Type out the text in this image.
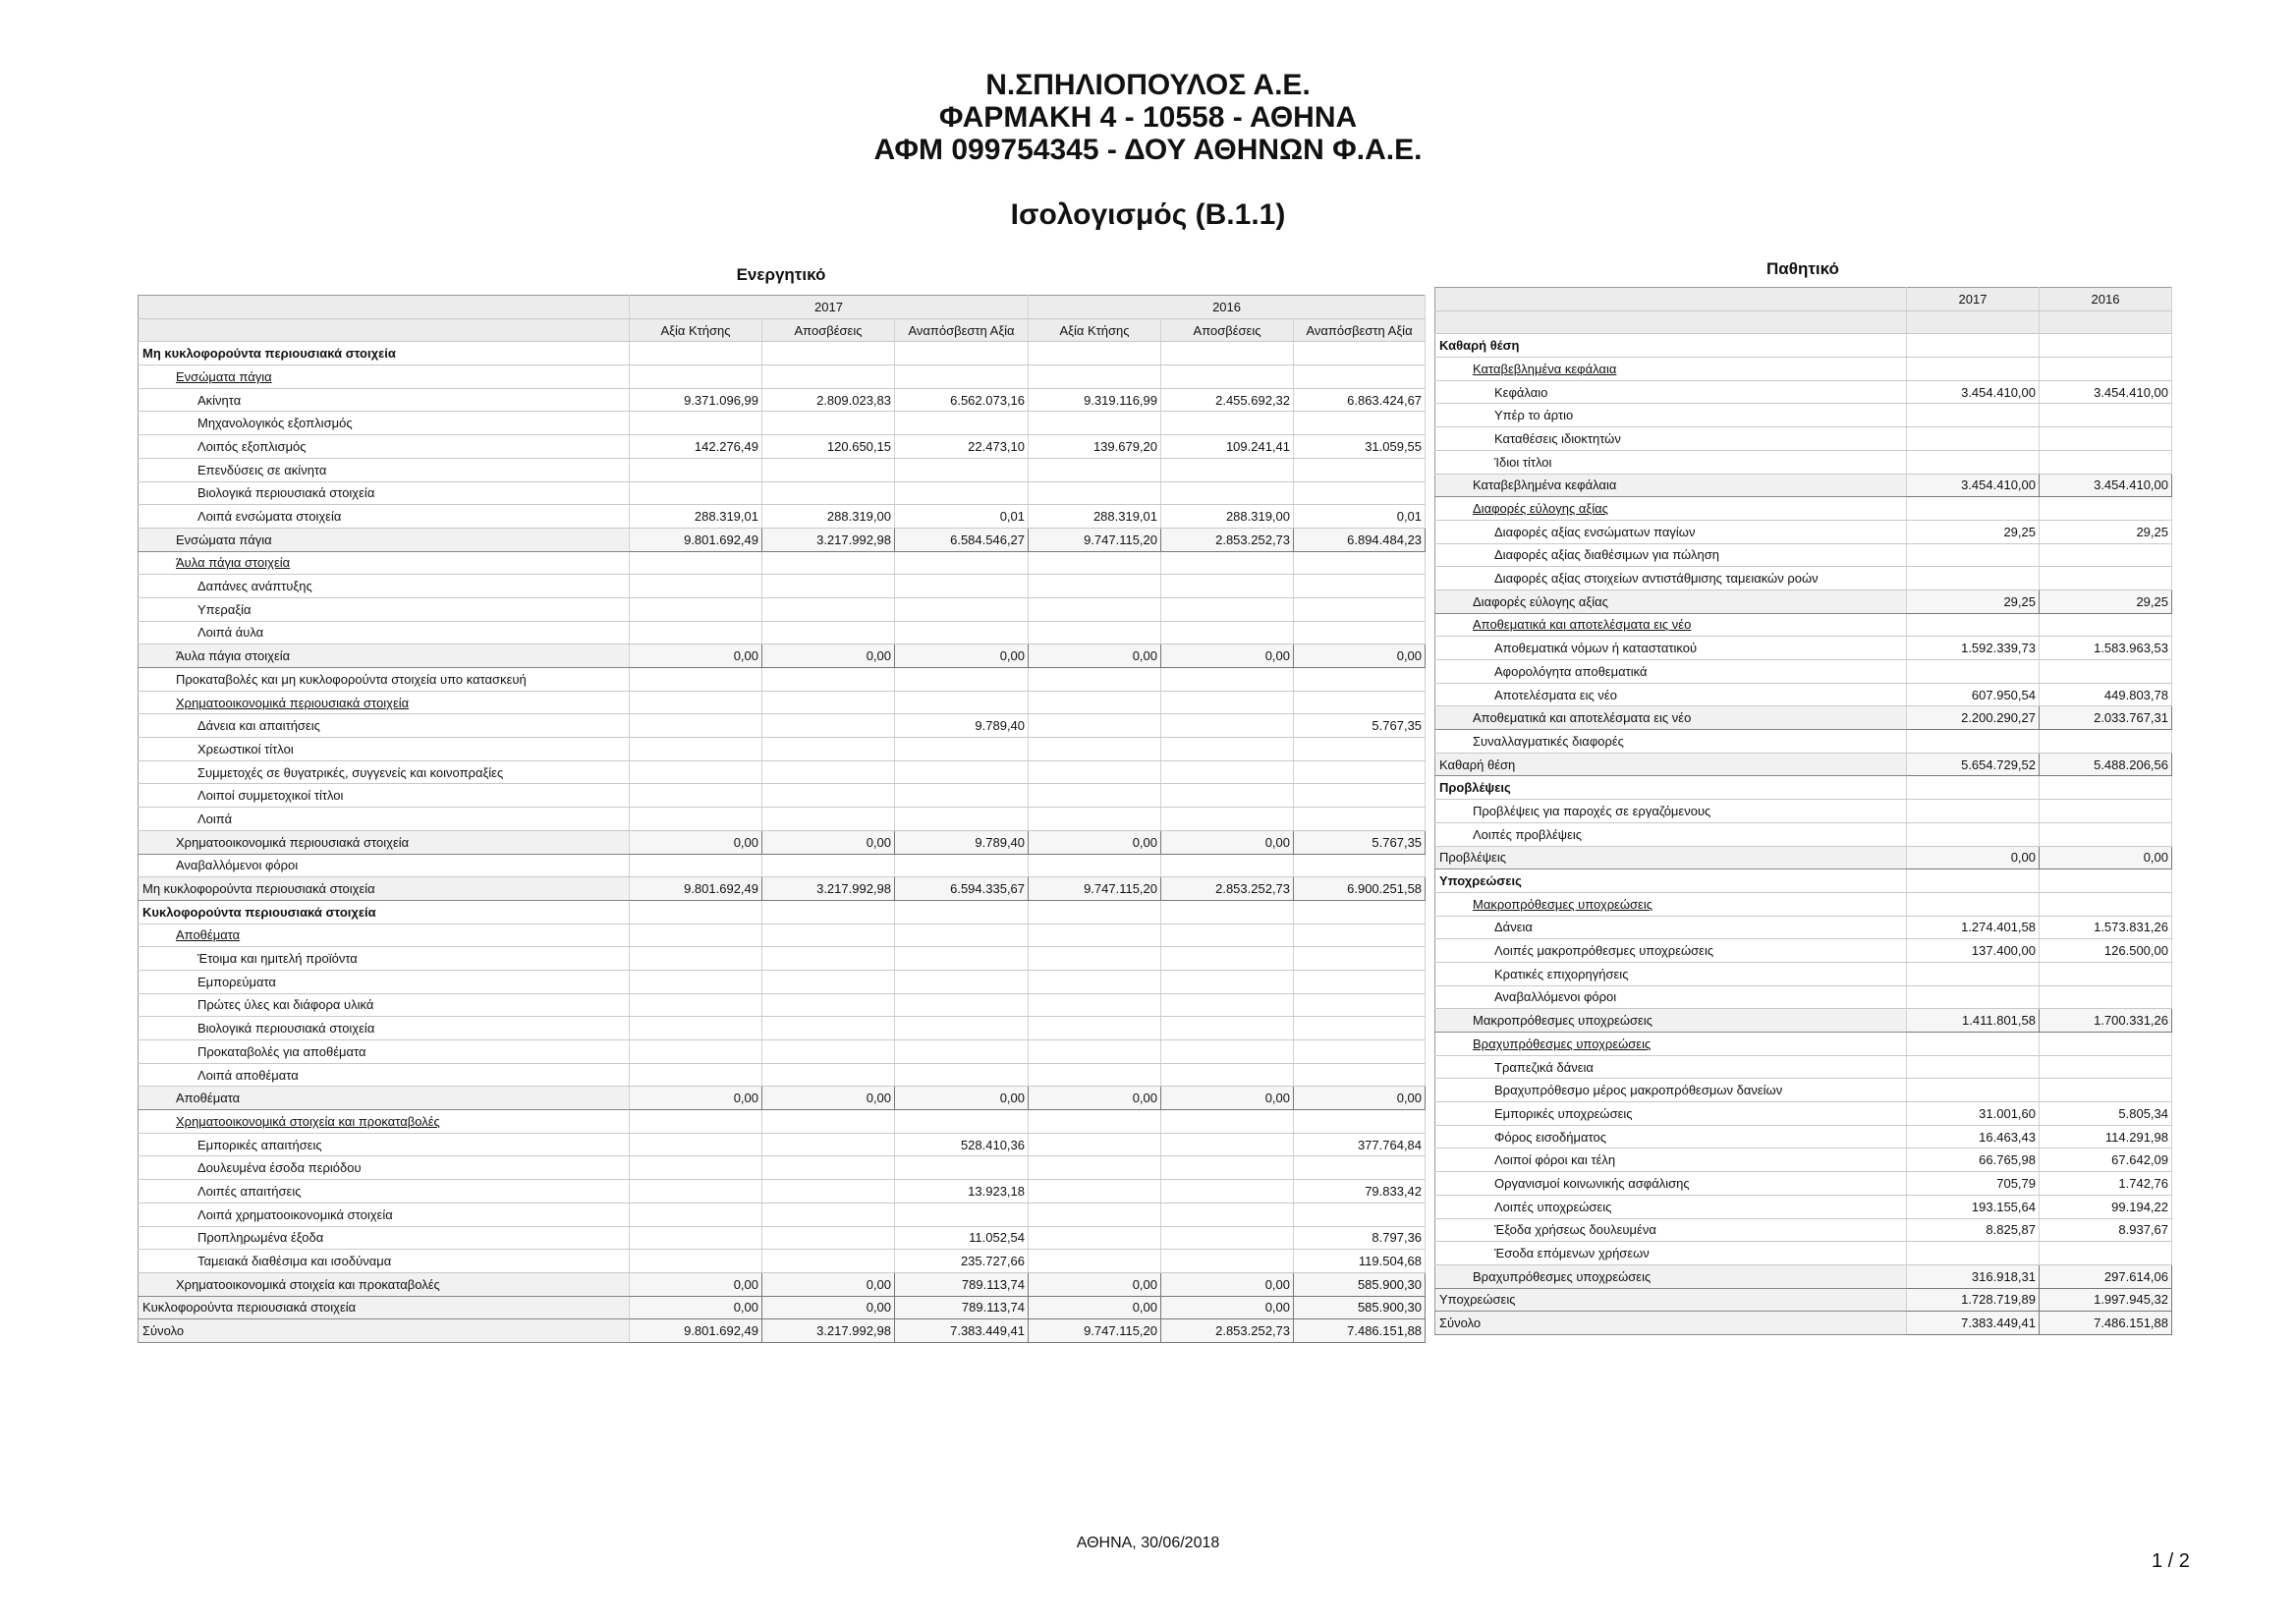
Ν.ΣΠΗΛΙΟΠΟΥΛΟΣ Α.Ε.
ΦΑΡΜΑΚΗ 4 - 10558 - ΑΘΗΝΑ
ΑΦΜ 099754345 - ΔΟΥ ΑΘΗΝΩΝ Φ.Α.Ε.
Ισολογισμός (Β.1.1)
Ενεργητικό	Παθητικό
	2017			2016		
	Αξία Κτήσης	Αποσβέσεις	Αναπόσβεστη Αξία	Αξία Κτήσης	Αποσβέσεις	Αναπόσβεστη Αξία
Μη κυκλοφορούντα περιουσιακά στοιχεία						
Ενσώματα πάγια						
Ακίνητα	9.371.096,99	2.809.023,83	6.562.073,16	9.319.116,99	2.455.692,32	6.863.424,67
Μηχανολογικός εξοπλισμός						
Λοιπός εξοπλισμός	142.276,49	120.650,15	22.473,10	139.679,20	109.241,41	31.059,55
Επενδύσεις σε ακίνητα						
Βιολογικά περιουσιακά στοιχεία						
Λοιπά ενσώματα στοιχεία	288.319,01	288.319,00	0,01	288.319,01	288.319,00	0,01
Ενσώματα πάγια	9.801.692,49	3.217.992,98	6.584.546,27	9.747.115,20	2.853.252,73	6.894.484,23
Άυλα πάγια στοιχεία						
Δαπάνες ανάπτυξης						
Υπεραξία						
Λοιπά άυλα						
Άυλα πάγια στοιχεία	0,00	0,00	0,00	0,00	0,00	0,00
Προκαταβολές και μη κυκλοφορούντα στοιχεία υπο κατασκευή						
Χρηματοοικονομικά περιουσιακά στοιχεία						
Δάνεια και απαιτήσεις			9.789,40			5.767,35
Χρεωστικοί τίτλοι						
Συμμετοχές σε θυγατρικές, συγγενείς και κοινοπραξίες						
Λοιποί συμμετοχικοί τίτλοι						
Λοιπά						
Χρηματοοικονομικά περιουσιακά στοιχεία	0,00	0,00	9.789,40	0,00	0,00	5.767,35
Αναβαλλόμενοι φόροι						
Μη κυκλοφορούντα περιουσιακά στοιχεία	9.801.692,49	3.217.992,98	6.594.335,67	9.747.115,20	2.853.252,73	6.900.251,58
Κυκλοφορούντα περιουσιακά στοιχεία						
Αποθέματα						
Έτοιμα και ημιτελή προϊόντα						
Εμπορεύματα						
Πρώτες ύλες και διάφορα υλικά						
Βιολογικά περιουσιακά στοιχεία						
Προκαταβολές για αποθέματα						
Λοιπά αποθέματα						
Αποθέματα	0,00	0,00	0,00	0,00	0,00	0,00
Χρηματοοικονομικά στοιχεία και προκαταβολές						
Εμπορικές απαιτήσεις			528.410,36			377.764,84
Δουλευμένα έσοδα περιόδου						
Λοιπές απαιτήσεις			13.923,18			79.833,42
Λοιπά χρηματοοικονομικά στοιχεία						
Προπληρωμένα έξοδα			11.052,54			8.797,36
Ταμειακά διαθέσιμα και ισοδύναμα			235.727,66			119.504,68
Χρηματοοικονομικά στοιχεία και προκαταβολές	0,00	0,00	789.113,74	0,00	0,00	585.900,30
Κυκλοφορούντα περιουσιακά στοιχεία	0,00	0,00	789.113,74	0,00	0,00	585.900,30
Σύνολο	9.801.692,49	3.217.992,98	7.383.449,41	9.747.115,20	2.853.252,73	7.486.151,88
	2017	2016

Καθαρή θέση		
Καταβεβλημένα κεφάλαια		
Κεφάλαιο	3.454.410,00	3.454.410,00
Υπέρ το άρτιο		
Καταθέσεις ιδιοκτητών		
Ίδιοι τίτλοι		
Καταβεβλημένα κεφάλαια	3.454.410,00	3.454.410,00
Διαφορές εύλογης αξίας		
Διαφορές αξίας ενσώματων παγίων	29,25	29,25
Διαφορές αξίας διαθέσιμων για πώληση		
Διαφορές αξίας στοιχείων αντιστάθμισης ταμειακών ροών		
Διαφορές εύλογης αξίας	29,25	29,25
Αποθεματικά και αποτελέσματα εις νέο		
Αποθεματικά νόμων ή καταστατικού	1.592.339,73	1.583.963,53
Αφορολόγητα αποθεματικά		
Αποτελέσματα εις νέο	607.950,54	449.803,78
Αποθεματικά και αποτελέσματα εις νέο	2.200.290,27	2.033.767,31
Συναλλαγματικές διαφορές		
Καθαρή θέση	5.654.729,52	5.488.206,56
Προβλέψεις		
Προβλέψεις για παροχές σε εργαζόμενους		
Λοιπές προβλέψεις		
Προβλέψεις	0,00	0,00
Υποχρεώσεις		
Μακροπρόθεσμες υποχρεώσεις		
Δάνεια	1.274.401,58	1.573.831,26
Λοιπές μακροπρόθεσμες υποχρεώσεις	137.400,00	126.500,00
Κρατικές επιχορηγήσεις		
Αναβαλλόμενοι φόροι		
Μακροπρόθεσμες υποχρεώσεις	1.411.801,58	1.700.331,26
Βραχυπρόθεσμες υποχρεώσεις		
Τραπεζικά δάνεια		
Βραχυπρόθεσμο μέρος μακροπρόθεσμων δανείων		
Εμπορικές υποχρεώσεις	31.001,60	5.805,34
Φόρος εισοδήματος	16.463,43	114.291,98
Λοιποί φόροι και τέλη	66.765,98	67.642,09
Οργανισμοί κοινωνικής ασφάλισης	705,79	1.742,76
Λοιπές υποχρεώσεις	193.155,64	99.194,22
Έξοδα χρήσεως δουλευμένα	8.825,87	8.937,67
Έσοδα επόμενων χρήσεων		
Βραχυπρόθεσμες υποχρεώσεις	316.918,31	297.614,06
Υποχρεώσεις	1.728.719,89	1.997.945,32
Σύνολο	7.383.449,41	7.486.151,88
ΑΘΗΝΑ, 30/06/2018
1 / 2
